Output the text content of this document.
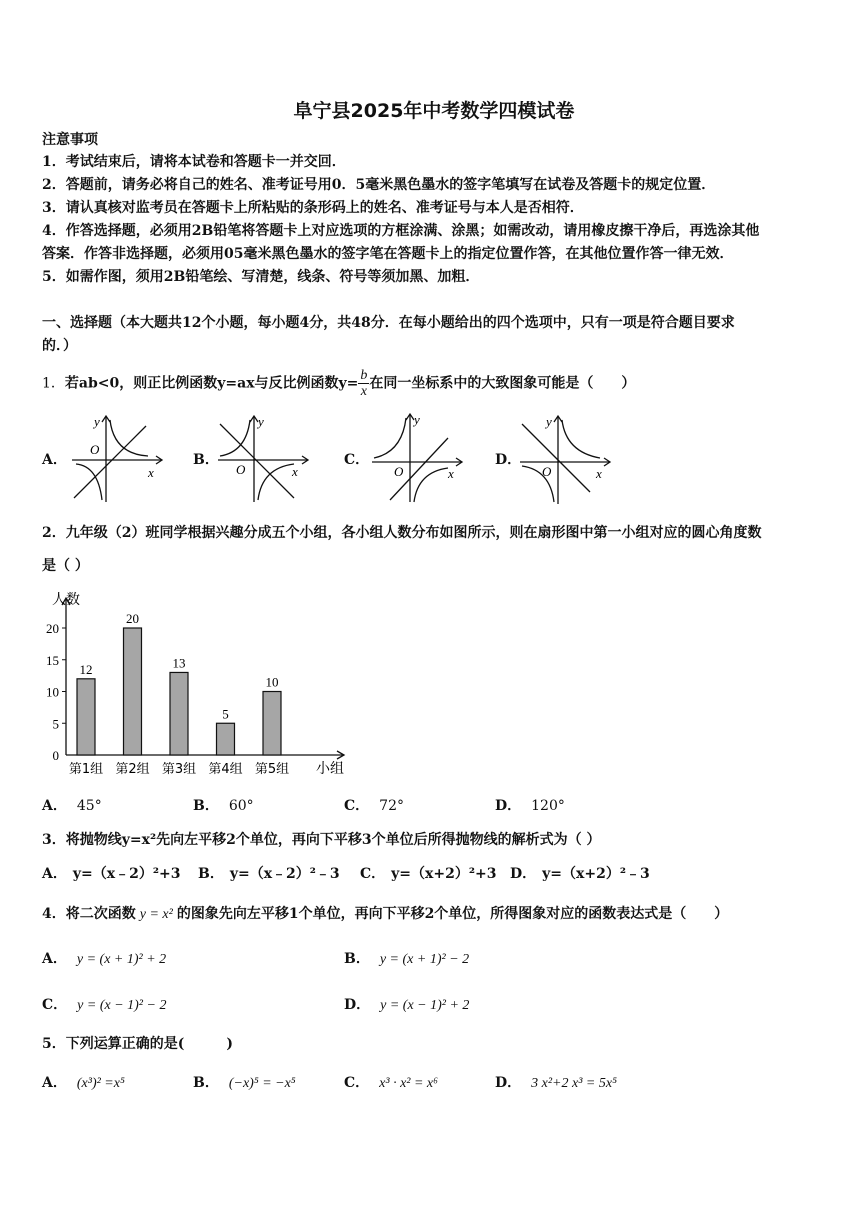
阜宁县2025年中考数学四模试卷
注意事项
1．考试结束后，请将本试卷和答题卡一并交回．
2．答题前，请务必将自己的姓名、准考证号用0．5毫米黑色墨水的签字笔填写在试卷及答题卡的规定位置．
3．请认真核对监考员在答题卡上所粘贴的条形码上的姓名、准考证号与本人是否相符．
4．作答选择题，必须用2B铅笔将答题卡上对应选项的方框涂满、涂黑；如需改动，请用橡皮擦干净后，再选涂其他
答案．作答非选择题，必须用05毫米黑色墨水的签字笔在答题卡上的指定位置作答，在其他位置作答一律无效．
5．如需作图，须用2B铅笔绘、写清楚，线条、符号等须加黑、加粗．
一、选择题（本大题共12个小题，每小题4分，共48分．在每小题给出的四个选项中，只有一项是符合题目要求
的．）
1．若ab<0，则正比例函数y=ax与反比例函数$y= \frac{b}{x}$ 在同一坐标系中的大致图象可能是（　　）
A．
O
x
y
B．
O	x
y
C．
O	x
y
D．
O	x
y
2．九年级（2）班同学根据兴趣分成五个小组，各小组人数分布如图所示，则在扇形图中第一小组对应的圆心角度数
是（ ）
人数
小组
0
5
10
15
20
12
第1组
20
第2组
13
第3组
5
第4组
10
第5组
A． 45°	B． 60°	C． 72°	D． 120°
3．将抛物线y=x²先向左平移2个单位，再向下平移3个单位后所得抛物线的解析式为（ ）
A． y=（x﹣2）²+3 B． y=（x﹣2）²﹣3 C． y=（x+2）²+3 D． y=（x+2）²﹣3
4．将二次函数 y = x² 的图象先向左平移1个单位，再向下平移2个单位，所得图象对应的函数表达式是（　　）
A． y = (x + 1)² + 2	B． y = (x + 1)² − 2
C． y = (x − 1)² − 2	D． y = (x − 1)² + 2
5．下列运算正确的是(　　　)
A． (x³)² =x⁵	B． (−x)⁵ = −x⁵	C． x³ · x² = x⁶	D． 3 x²+2 x³ = 5x⁵
